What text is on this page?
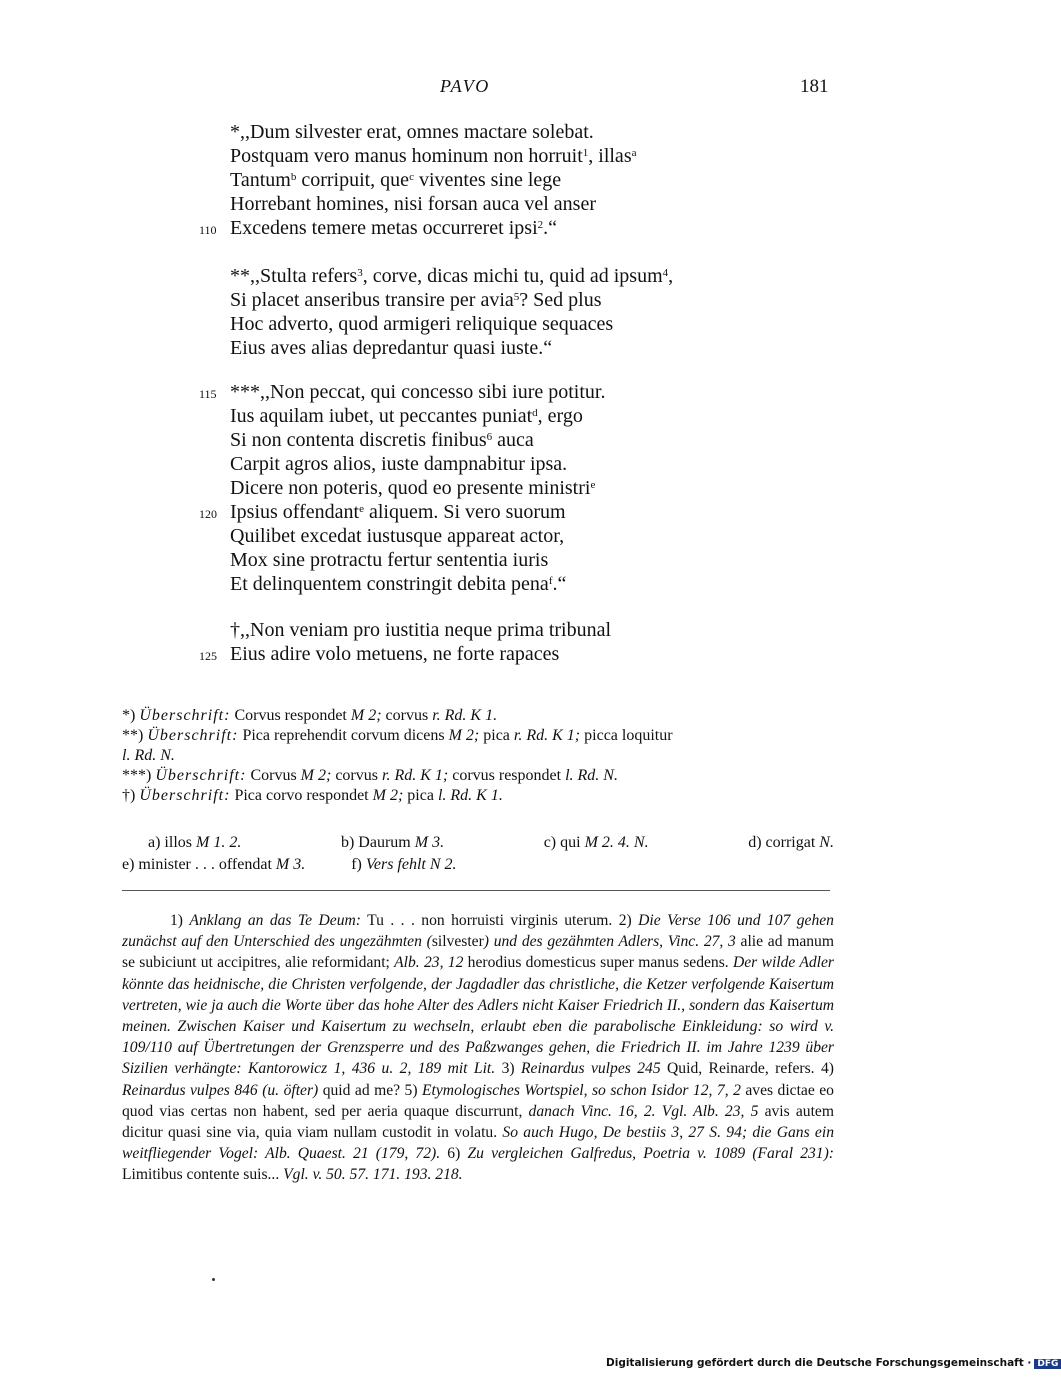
PAVO	181
*,,Dum silvester erat, omnes mactare solebat.
Postquam vero manus hominum non horruit$^1$, illas$^a$
Tantum$^b$ corripuit, que$^c$ viventes sine lege
Horrebant homines, nisi forsan auca vel anser
Excedens temere metas occurreret ipsi$^2$.“
110
**,,Stulta refers$^3$, corve, dicas michi tu, quid ad ipsum$^4$,
Si placet anseribus transire per avia$^5$? Sed plus
Hoc adverto, quod armigeri reliquique sequaces
Eius aves alias depredantur quasi iuste.“
***,,Non peccat, qui concesso sibi iure potitur.
115
Ius aquilam iubet, ut peccantes puniat$^d$, ergo
Si non contenta discretis finibus$^6$ auca
Carpit agros alios, iuste dampnabitur ipsa.
Dicere non poteris, quod eo presente ministri$^e$
Ipsius offendant$^e$ aliquem. Si vero suorum
120
Quilibet excedat iustusque appareat actor,
Mox sine protractu fertur sententia iuris
Et delinquentem constringit debita pena$^f$.“
†,,Non veniam pro iustitia neque prima tribunal
Eius adire volo metuens, ne forte rapaces
125
*) Überschrift: Corvus respondet M 2; corvus r. Rd. K 1.
**) Überschrift: Pica reprehendit corvum dicens M 2; pica r. Rd. K 1; picca loquitur
l. Rd. N.
***) Überschrift: Corvus M 2; corvus r. Rd. K 1; corvus respondet l. Rd. N.
†) Überschrift: Pica corvo respondet M 2; pica l. Rd. K 1.
a) illos M 1. 2.	b) Daurum M 3.	c) qui M 2. 4. N.	d) corrigat N.
e) minister . . . offendat M 3.	f) Vers fehlt N 2.

1) Anklang an das Te Deum: Tu . . . non horruisti virginis uterum. 2) Die Verse 106 und 107 gehen zunächst auf den Unterschied des ungezähmten (silvester) und des gezähmten Adlers, Vinc. 27, 3 alie ad manum se subiciunt ut accipitres, alie reformidant; Alb. 23, 12 herodius domesticus super manus sedens. Der wilde Adler könnte das heidnische, die Christen verfolgende, der Jagdadler das christliche, die Ketzer verfolgende Kaisertum vertreten, wie ja auch die Worte über das hohe Alter des Adlers nicht Kaiser Friedrich II., sondern das Kaisertum meinen. Zwischen Kaiser und Kaisertum zu wechseln, erlaubt eben die parabolische Einkleidung: so wird v. 109/110 auf Übertretungen der Grenzsperre und des Paßzwanges gehen, die Friedrich II. im Jahre 1239 über Sizilien verhängte: Kantorowicz 1, 436 u. 2, 189 mit Lit. 3) Reinardus vulpes 245 Quid, Reinarde, refers. 4) Reinardus vulpes 846 (u. öfter) quid ad me? 5) Etymologisches Wortspiel, so schon Isidor 12, 7, 2 aves dictae eo quod vias certas non habent, sed per aeria quaque discurrunt, danach Vinc. 16, 2. Vgl. Alb. 23, 5 avis autem dicitur quasi sine via, quia viam nullam custodit in volatu. So auch Hugo, De bestiis 3, 27 S. 94; die Gans ein weitfliegender Vogel: Alb. Quaest. 21 (179, 72). 6) Zu vergleichen Galfredus, Poetria v. 1089 (Faral 231): Limitibus contente suis... Vgl. v. 50. 57. 171. 193. 218.

Digitalisierung gefördert durch die Deutsche Forschungsgemeinschaft · DFG
